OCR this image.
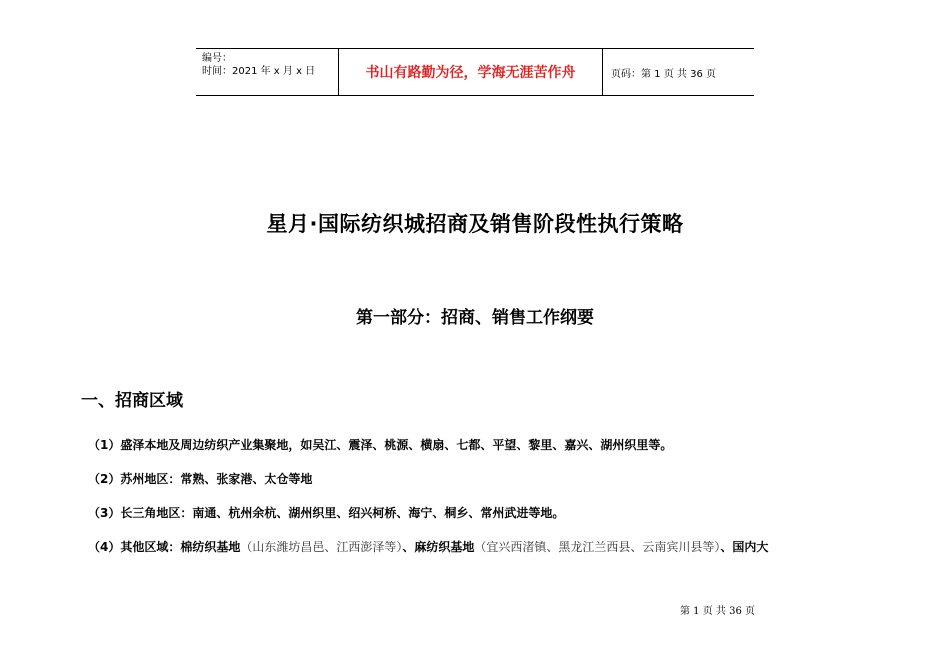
编号：
时间：2021 年 x 月 x 日	书山有路勤为径，学海无涯苦作舟	页码：第 1 页 共 36 页
星月·国际纺织城招商及销售阶段性执行策略
第一部分：招商、销售工作纲要
一、招商区域
（1）盛泽本地及周边纺织产业集聚地，如吴江、震泽、桃源、横扇、七都、平望、黎里、嘉兴、湖州织里等。
（2）苏州地区：常熟、张家港、太仓等地
（3）长三角地区：南通、杭州余杭、湖州织里、绍兴柯桥、海宁、桐乡、常州武进等地。
（4）其他区域：棉纺织基地（山东潍坊昌邑、江西澎泽等）、麻纺织基地（宜兴西渚镇、黑龙江兰西县、云南宾川县等）、国内大
第 1 页 共 36 页
